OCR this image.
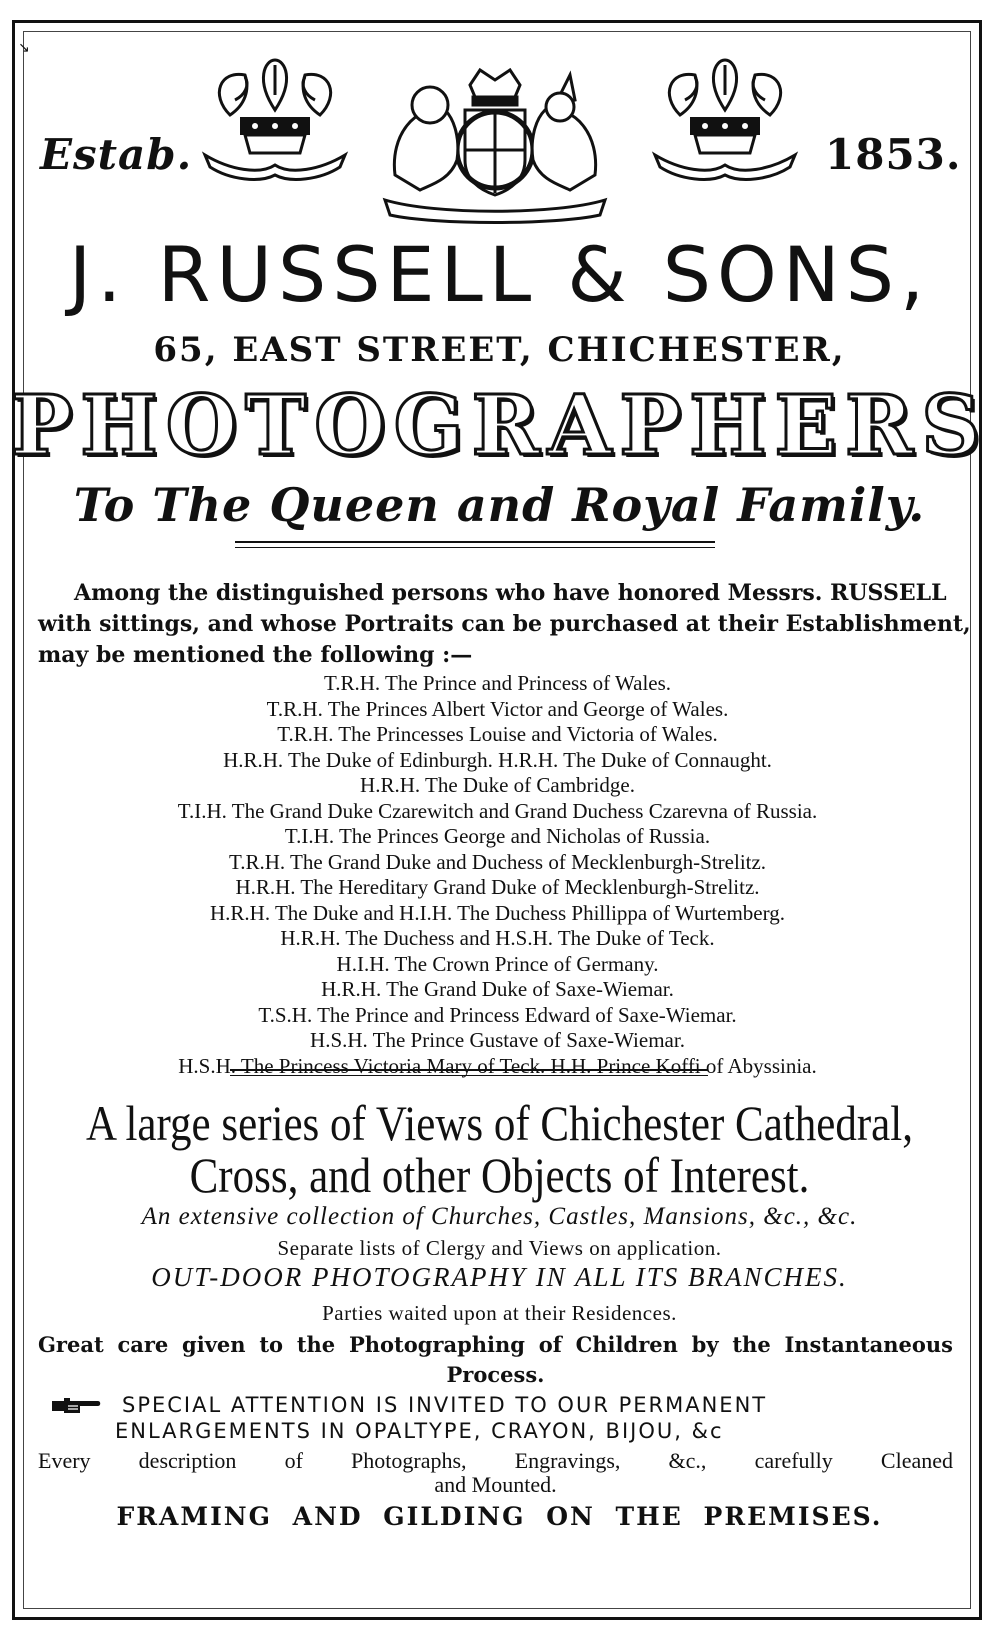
↘
Estab.	1853.
J. RUSSELL & SONS,
65, EAST STREET, CHICHESTER,
PHOTOGRAPHERS
To The Queen and Royal Family.
Among the distinguished persons who have honored Messrs. RUSSELL
with sittings, and whose Portraits can be purchased at their Establishment,
may be mentioned the following :—
T.R.H. The Prince and Princess of Wales.
T.R.H. The Princes Albert Victor and George of Wales.
T.R.H. The Princesses Louise and Victoria of Wales.
H.R.H. The Duke of Edinburgh. H.R.H. The Duke of Connaught.
H.R.H. The Duke of Cambridge.
T.I.H. The Grand Duke Czarewitch and Grand Duchess Czarevna of Russia.
T.I.H. The Princes George and Nicholas of Russia.
T.R.H. The Grand Duke and Duchess of Mecklenburgh-Strelitz.
H.R.H. The Hereditary Grand Duke of Mecklenburgh-Strelitz.
H.R.H. The Duke and H.I.H. The Duchess Phillippa of Wurtemberg.
H.R.H. The Duchess and H.S.H. The Duke of Teck.
H.I.H. The Crown Prince of Germany.
H.R.H. The Grand Duke of Saxe-Wiemar.
T.S.H. The Prince and Princess Edward of Saxe-Wiemar.
H.S.H. The Prince Gustave of Saxe-Wiemar.
H.S.H. The Princess Victoria Mary of Teck. H.H. Prince Koffi of Abyssinia.
A large series of Views of Chichester Cathedral,
Cross, and other Objects of Interest.
An extensive collection of Churches, Castles, Mansions, &c., &c.
Separate lists of Clergy and Views on application.
OUT-DOOR PHOTOGRAPHY IN ALL ITS BRANCHES.
Parties waited upon at their Residences.
Great care given to the Photographing of Children by the Instantaneous
Process.
SPECIAL ATTENTION IS INVITED TO OUR PERMANENT
ENLARGEMENTS IN OPALTYPE, CRAYON, BIJOU, &c
Every description of Photographs, Engravings, &c., carefully Cleaned
and Mounted.
FRAMING AND GILDING ON THE PREMISES.
